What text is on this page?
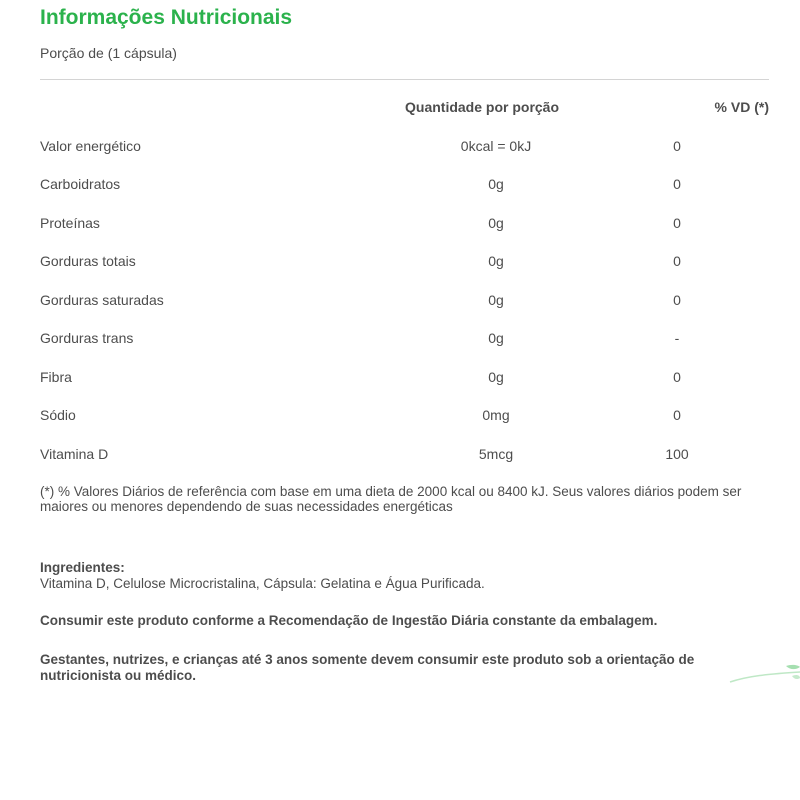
Informações Nutricionais
Porção de (1 cápsula)
Quantidade por porção	% VD (*)
Valor energético	0kcal = 0kJ	0
Carboidratos	0g	0
Proteínas	0g	0
Gorduras totais	0g	0
Gorduras saturadas	0g	0
Gorduras trans	0g	-
Fibra	0g	0
Sódio	0mg	0
Vitamina D	5mcg	100
(*) % Valores Diários de referência com base em uma dieta de 2000 kcal ou 8400 kJ. Seus valores diários podem ser maiores ou menores dependendo de suas necessidades energéticas
Ingredientes:
Vitamina D, Celulose Microcristalina, Cápsula: Gelatina e Água Purificada.
Consumir este produto conforme a Recomendação de Ingestão Diária constante da embalagem.
Gestantes, nutrizes, e crianças até 3 anos somente devem consumir este produto sob a orientação de nutricionista ou médico.
